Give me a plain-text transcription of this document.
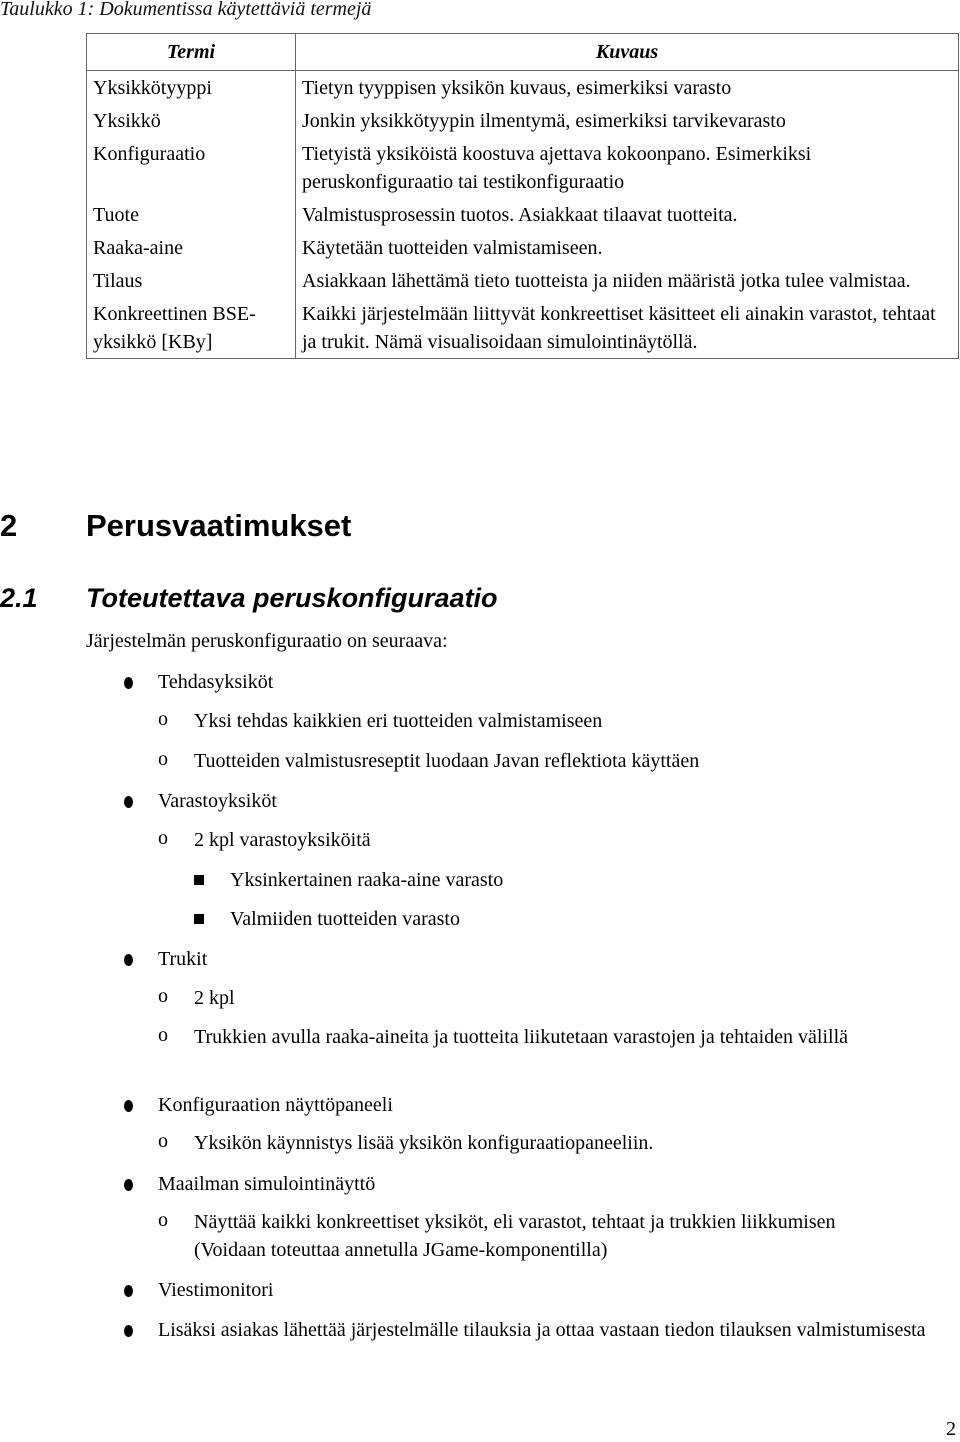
Taulukko 1: Dokumentissa käytettäviä termejä
Termi	Kuvaus
Yksikkötyyppi	Tietyn tyyppisen yksikön kuvaus, esimerkiksi varasto
Yksikkö	Jonkin yksikkötyypin ilmentymä, esimerkiksi tarvikevarasto
Konfiguraatio	Tietyistä yksiköistä koostuva ajettava kokoonpano. Esimerkiksi peruskonfiguraatio tai testikonfiguraatio
Tuote	Valmistusprosessin tuotos. Asiakkaat tilaavat tuotteita.
Raaka-aine	Käytetään tuotteiden valmistamiseen.
Tilaus	Asiakkaan lähettämä tieto tuotteista ja niiden määristä jotka tulee valmistaa.
Konkreettinen BSE-yksikkö [KBy]	Kaikki järjestelmään liittyvät konkreettiset käsitteet eli ainakin varastot, tehtaat ja trukit. Nämä visualisoidaan simulointinäytöllä.
2 Perusvaatimukset
2.1 Toteutettava peruskonfiguraatio
Järjestelmän peruskonfiguraatio on seuraava:
Tehdasyksiköt
o Yksi tehdas kaikkien eri tuotteiden valmistamiseen
o Tuotteiden valmistusreseptit luodaan Javan reflektiota käyttäen
Varastoyksiköt
o 2 kpl varastoyksiköitä
Yksinkertainen raaka-aine varasto
Valmiiden tuotteiden varasto
Trukit
o 2 kpl
o Trukkien avulla raaka-aineita ja tuotteita liikutetaan varastojen ja tehtaiden välillä
Konfiguraation näyttöpaneeli
o Yksikön käynnistys lisää yksikön konfiguraatiopaneeliin.
Maailman simulointinäyttö
o Näyttää kaikki konkreettiset yksiköt, eli varastot, tehtaat ja trukkien liikkumisen (Voidaan toteuttaa annetulla JGame-komponentilla)
Viestimonitori
Lisäksi asiakas lähettää järjestelmälle tilauksia ja ottaa vastaan tiedon tilauksen valmistumisesta
2
